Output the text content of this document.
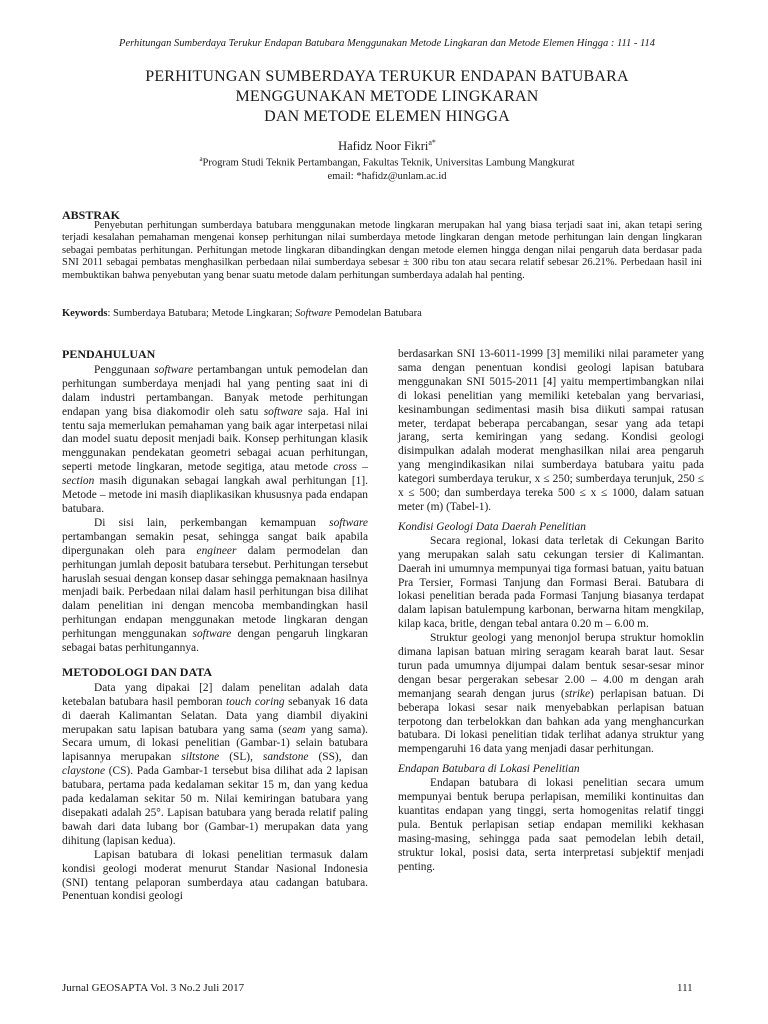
Perhitungan Sumberdaya Terukur Endapan Batubara Menggunakan Metode Lingkaran dan Metode Elemen Hingga : 111 - 114
PERHITUNGAN SUMBERDAYA TERUKUR ENDAPAN BATUBARA
MENGGUNAKAN METODE LINGKARAN
DAN METODE ELEMEN HINGGA
Hafidz Noor Fikri$^{a*}$
$^a$Program Studi Teknik Pertambangan, Fakultas Teknik, Universitas Lambung Mangkurat
email: *hafidz@unlam.ac.id
ABSTRAK

Penyebutan perhitungan sumberdaya batubara menggunakan metode lingkaran merupakan hal yang biasa terjadi saat ini, akan tetapi sering terjadi kesalahan pemahaman mengenai konsep perhitungan nilai sumberdaya metode lingkaran dengan metode perhitungan lain dengan lingkaran sebagai pembatas perhitungan. Perhitungan metode lingkaran dibandingkan dengan metode elemen hingga dengan nilai pengaruh data berdasar pada SNI 2011 sebagai pembatas menghasilkan perbedaan nilai sumberdaya sebesar ± 300 ribu ton atau secara relatif sebesar 26.21%. Perbedaan hasil ini membuktikan bahwa penyebutan yang benar suatu metode dalam perhitungan sumberdaya adalah hal penting.

Keywords: Sumberdaya Batubara; Metode Lingkaran; Software Pemodelan Batubara
PENDAHULUAN

Penggunaan software pertambangan untuk pemodelan dan perhitungan sumberdaya menjadi hal yang penting saat ini di dalam industri pertambangan. Banyak metode perhitungan endapan yang bisa diakomodir oleh satu software saja. Hal ini tentu saja memerlukan pemahaman yang baik agar interpetasi nilai dan model suatu deposit menjadi baik. Konsep perhitungan klasik menggunakan pendekatan geometri sebagai acuan perhitungan, seperti metode lingkaran, metode segitiga, atau metode cross – section masih digunakan sebagai langkah awal perhitungan [1]. Metode – metode ini masih diaplikasikan khususnya pada endapan batubara.

Di sisi lain, perkembangan kemampuan software pertambangan semakin pesat, sehingga sangat baik apabila dipergunakan oleh para engineer dalam permodelan dan perhitungan jumlah deposit batubara tersebut. Perhitungan tersebut haruslah sesuai dengan konsep dasar sehingga pemaknaan hasilnya menjadi baik. Perbedaan nilai dalam hasil perhitungan bisa dilihat dalam penelitian ini dengan mencoba membandingkan hasil perhitungan endapan menggunakan metode lingkaran dengan perhitungan menggunakan software dengan pengaruh lingkaran sebagai batas perhitungannya.

METODOLOGI DAN DATA

Data yang dipakai [2] dalam penelitan adalah data ketebalan batubara hasil pemboran touch coring sebanyak 16 data di daerah Kalimantan Selatan. Data yang diambil diyakini merupakan satu lapisan batubara yang sama (seam yang sama). Secara umum, di lokasi penelitian (Gambar-1) selain batubara lapisannya merupakan siltstone (SL), sandstone (SS), dan claystone (CS). Pada Gambar-1 tersebut bisa dilihat ada 2 lapisan batubara, pertama pada kedalaman sekitar 15 m, dan yang kedua pada kedalaman sekitar 50 m. Nilai kemiringan batubara yang disepakati adalah 25°. Lapisan batubara yang berada relatif paling bawah dari data lubang bor (Gambar-1) merupakan data yang dihitung (lapisan kedua).

Lapisan batubara di lokasi penelitian termasuk dalam kondisi geologi moderat menurut Standar Nasional Indonesia (SNI) tentang pelaporan sumberdaya atau cadangan batubara. Penentuan kondisi geologi

berdasarkan SNI 13-6011-1999 [3] memiliki nilai parameter yang sama dengan penentuan kondisi geologi lapisan batubara menggunakan SNI 5015-2011 [4] yaitu mempertimbangkan nilai di lokasi penelitian yang memiliki ketebalan yang bervariasi, kesinambungan sedimentasi masih bisa diikuti sampai ratusan meter, terdapat beberapa percabangan, sesar yang ada tetapi jarang, serta kemiringan yang sedang. Kondisi geologi disimpulkan adalah moderat menghasilkan nilai area pengaruh yang mengindikasikan nilai sumberdaya batubara yaitu pada kategori sumberdaya terukur, x ≤ 250; sumberdaya terunjuk, 250 ≤ x ≤ 500; dan sumberdaya tereka 500 ≤ x ≤ 1000, dalam satuan meter (m) (Tabel-1).

Kondisi Geologi Data Daerah Penelitian

Secara regional, lokasi data terletak di Cekungan Barito yang merupakan salah satu cekungan tersier di Kalimantan. Daerah ini umumnya mempunyai tiga formasi batuan, yaitu batuan Pra Tersier, Formasi Tanjung dan Formasi Berai. Batubara di lokasi penelitian berada pada Formasi Tanjung biasanya terdapat dalam lapisan batulempung karbonan, berwarna hitam mengkilap, kilap kaca, britle, dengan tebal antara 0.20 m – 6.00 m.

Struktur geologi yang menonjol berupa struktur homoklin dimana lapisan batuan miring seragam kearah barat laut. Sesar turun pada umumnya dijumpai dalam bentuk sesar-sesar minor dengan besar pergerakan sebesar 2.00 – 4.00 m dengan arah memanjang searah dengan jurus (strike) perlapisan batuan. Di beberapa lokasi sesar naik menyebabkan perlapisan batuan terpotong dan terbelokkan dan bahkan ada yang menghancurkan batubara. Di lokasi penelitian tidak terlihat adanya struktur yang mempengaruhi 16 data yang menjadi dasar perhitungan.

Endapan Batubara di Lokasi Penelitian

Endapan batubara di lokasi penelitian secara umum mempunyai bentuk berupa perlapisan, memiliki kontinuitas dan kuantitas endapan yang tinggi, serta homogenitas relatif tinggi pula. Bentuk perlapisan setiap endapan memiliki kekhasan masing-masing, sehingga pada saat pemodelan lebih detail, struktur lokal, posisi data, serta interpretasi subjektif menjadi penting.

Jurnal GEOSAPTA Vol. 3 No.2 Juli 2017	111
